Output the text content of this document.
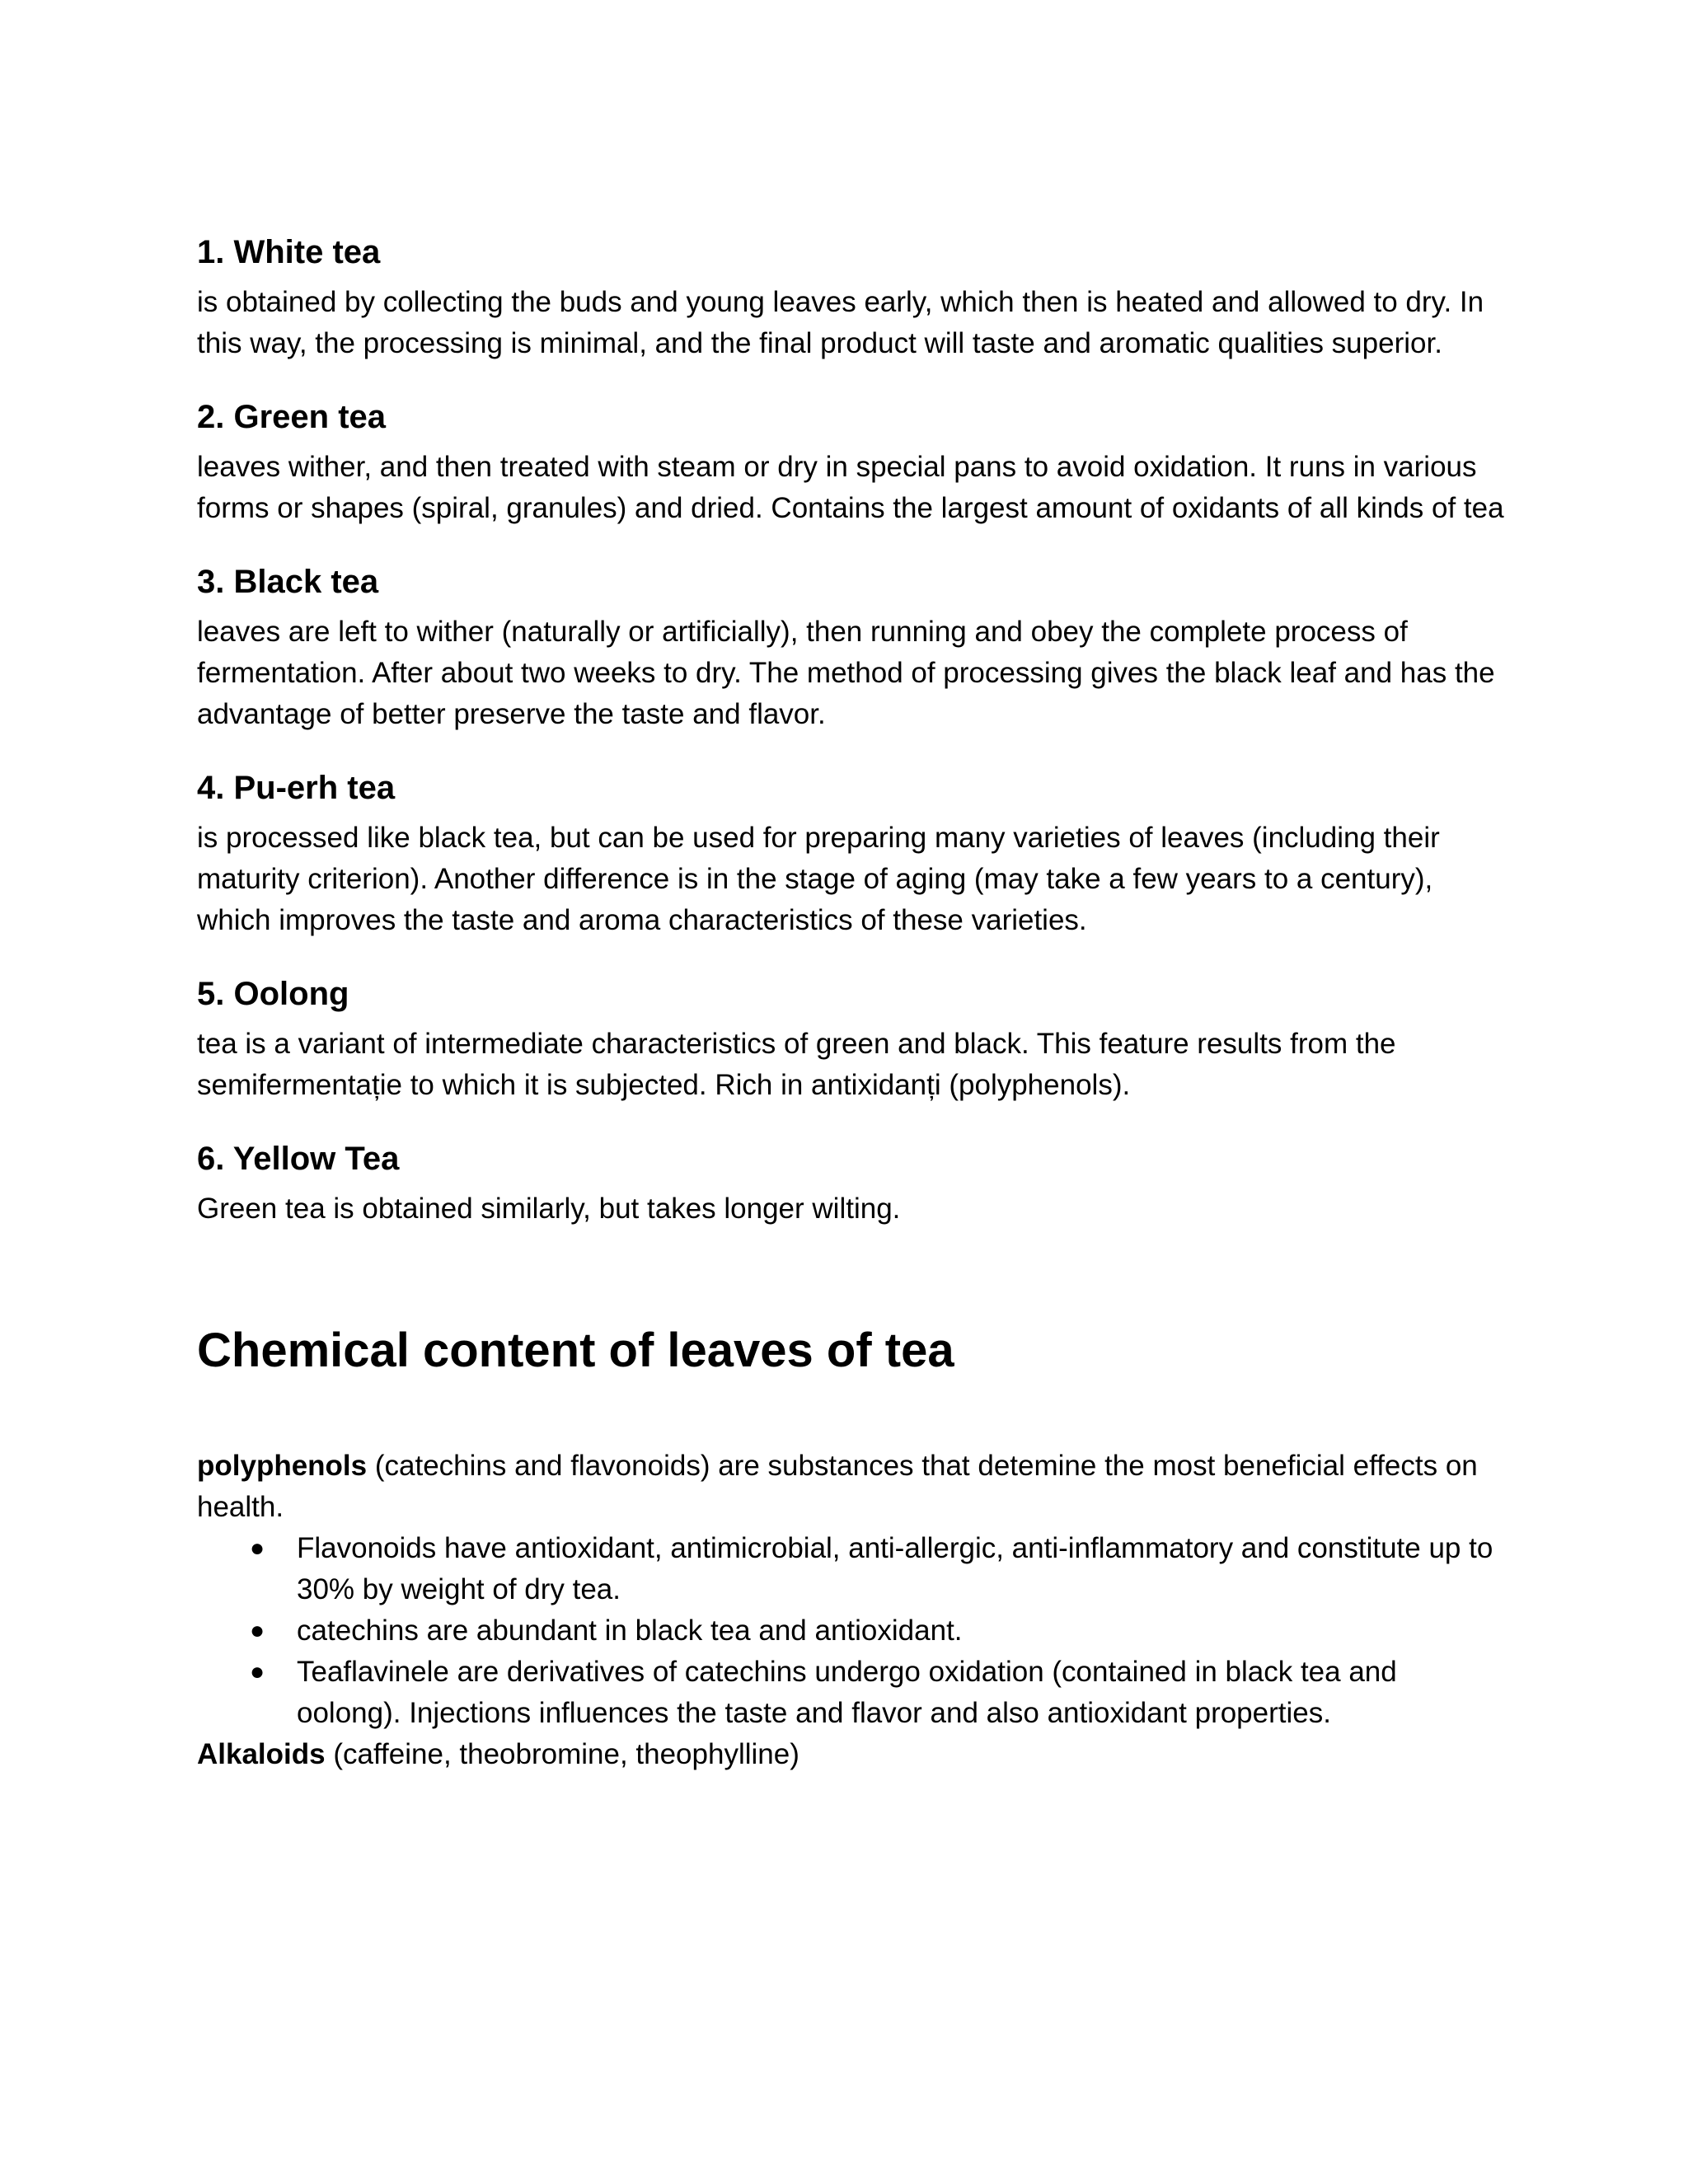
1. White tea

is obtained by collecting the buds and young leaves early, which then is heated and allowed to dry. In this way, the processing is minimal, and the final product will taste and aromatic qualities superior.

2. Green tea

leaves wither, and then treated with steam or dry in special pans to avoid oxidation. It runs in various forms or shapes (spiral, granules) and dried. Contains the largest amount of oxidants of all kinds of tea

3. Black tea

leaves are left to wither (naturally or artificially), then running and obey the complete process of fermentation. After about two weeks to dry. The method of processing gives the black leaf and has the advantage of better preserve the taste and flavor.

4. Pu-erh tea

is processed like black tea, but can be used for preparing many varieties of leaves (including their maturity criterion). Another difference is in the stage of aging (may take a few years to a century), which improves the taste and aroma characteristics of these varieties.

5. Oolong

tea is a variant of intermediate characteristics of green and black. This feature results from the semifermentație to which it is subjected. Rich in antixidanți (polyphenols).

6. Yellow Tea

Green tea is obtained similarly, but takes longer wilting.

Chemical content of leaves of tea

polyphenols (catechins and flavonoids) are substances that detemine the most beneficial effects on health.

● Flavonoids have antioxidant, antimicrobial, anti-allergic, anti-inflammatory and constitute up to 30% by weight of dry tea.
● catechins are abundant in black tea and antioxidant.
● Teaflavinele are derivatives of catechins undergo oxidation (contained in black tea and oolong). Injections influences the taste and flavor and also antioxidant properties.

Alkaloids (caffeine, theobromine, theophylline)
